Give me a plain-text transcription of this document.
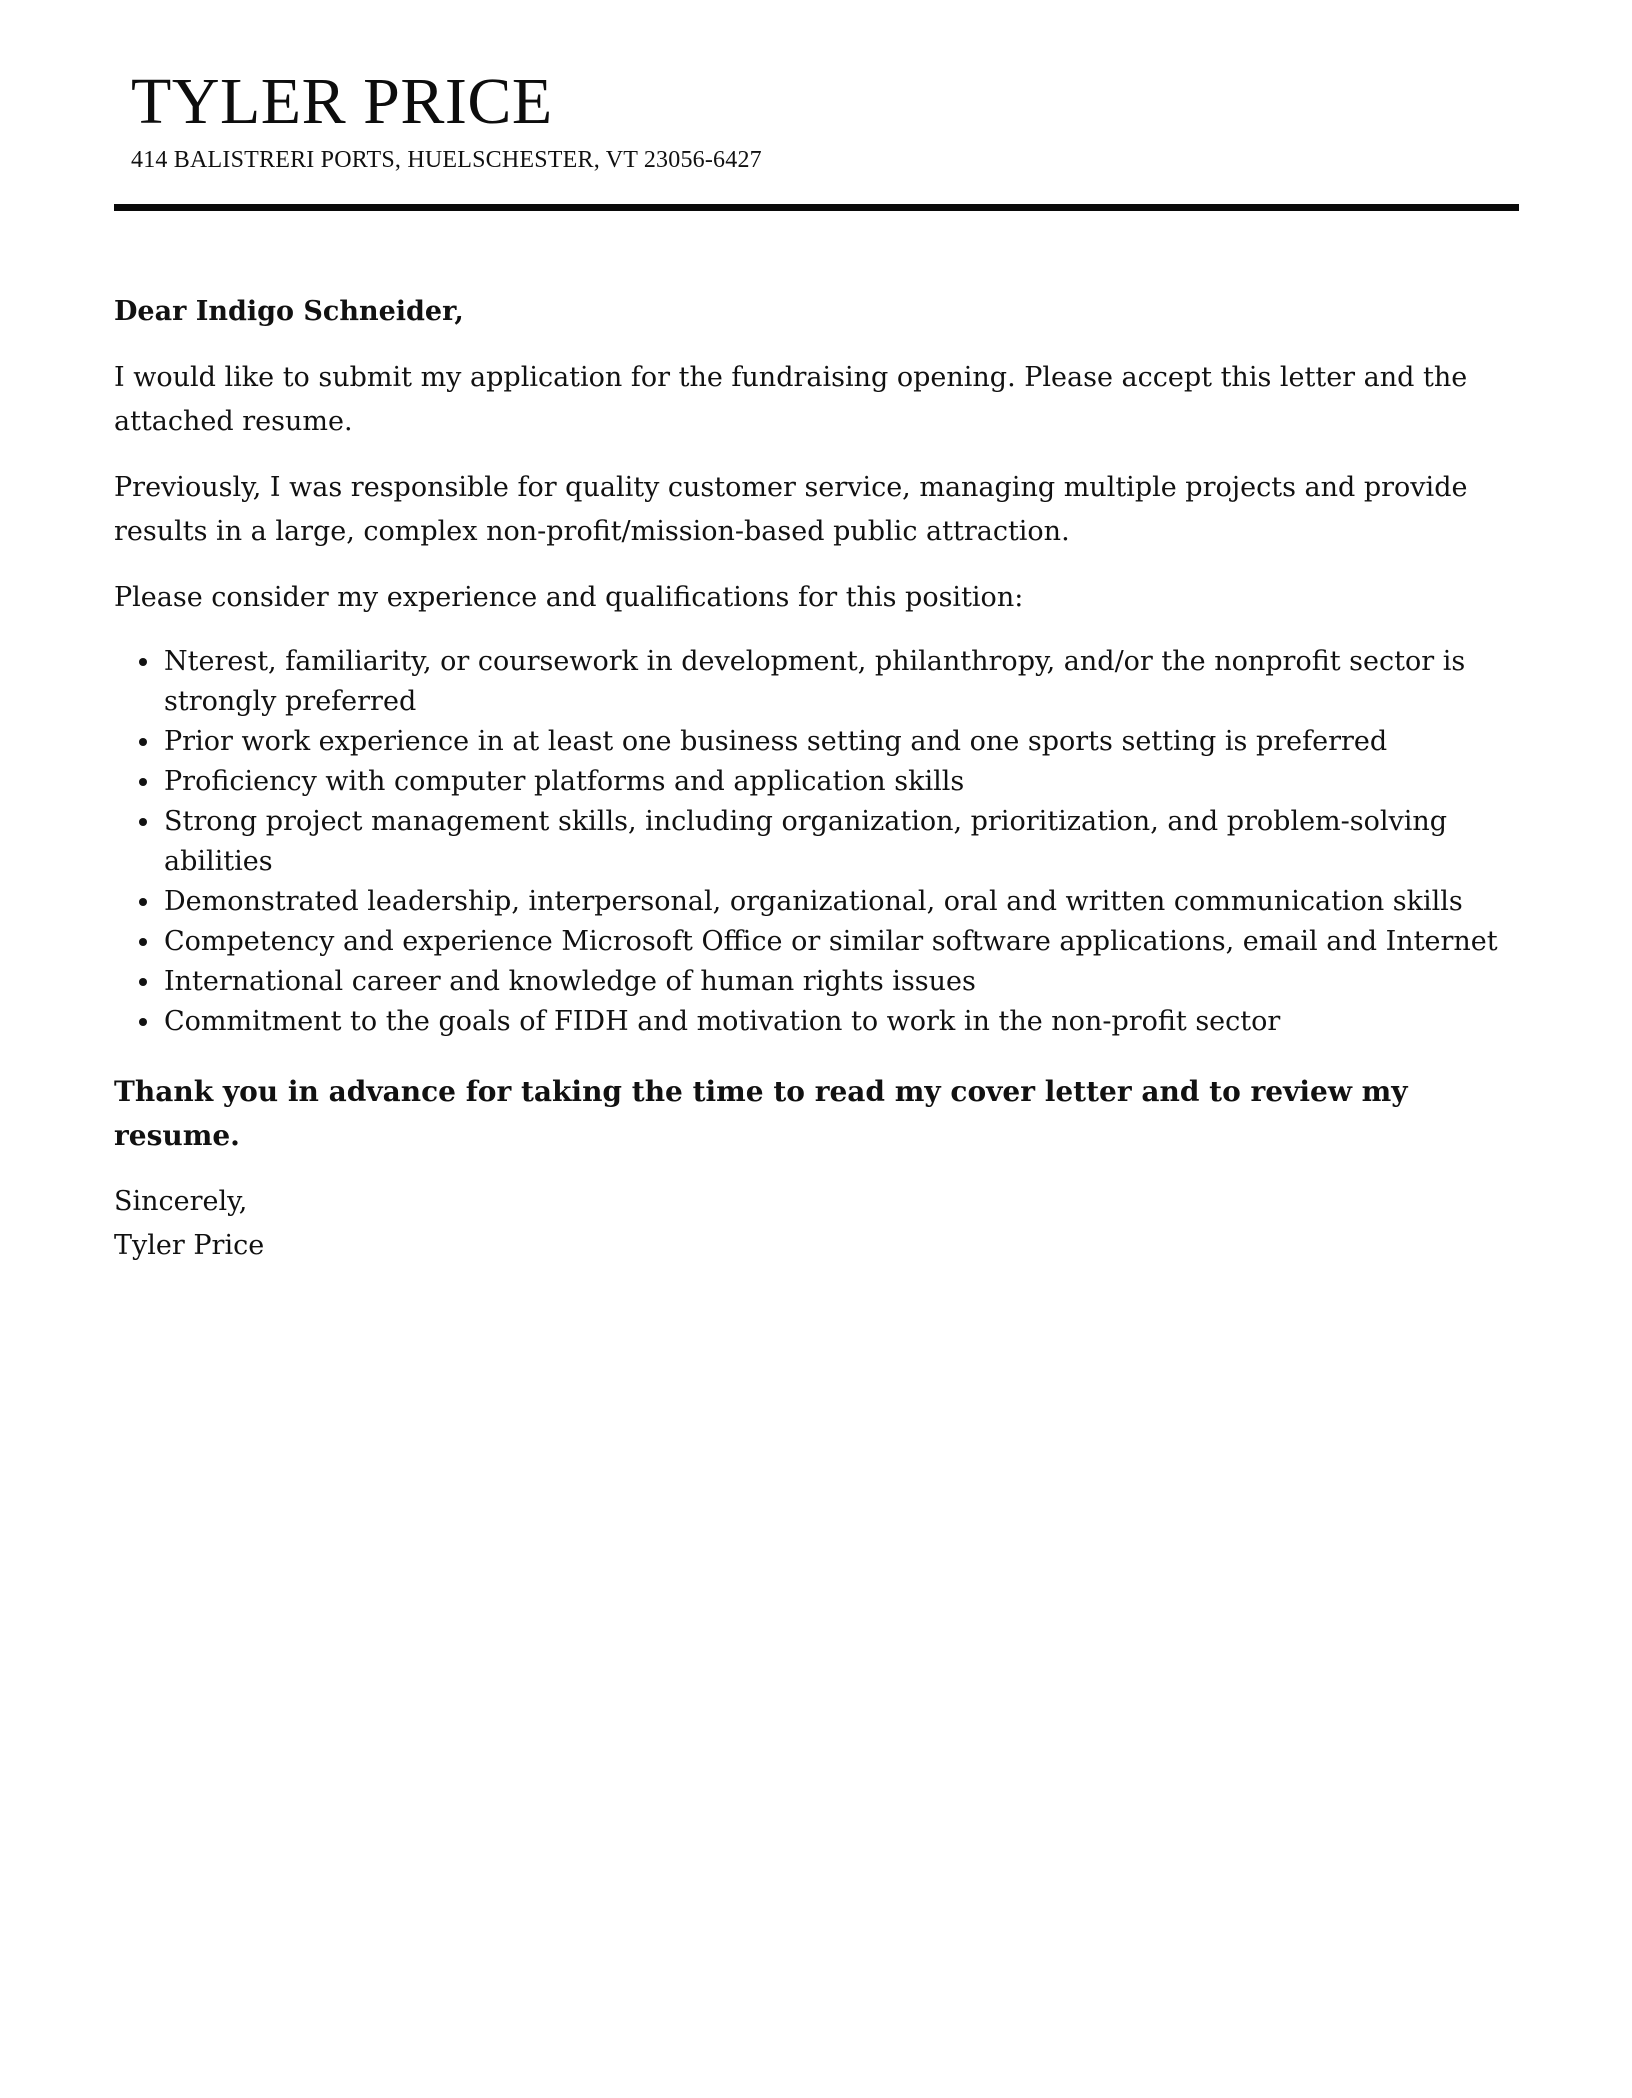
TYLER PRICE
414 BALISTRERI PORTS, HUELSCHESTER, VT 23056-6427

Dear Indigo Schneider,

I would like to submit my application for the fundraising opening. Please accept this letter and the attached resume.

Previously, I was responsible for quality customer service, managing multiple projects and provide results in a large, complex non-profit/mission-based public attraction.

Please consider my experience and qualifications for this position:

• Nterest, familiarity, or coursework in development, philanthropy, and/or the nonprofit sector is strongly preferred
• Prior work experience in at least one business setting and one sports setting is preferred
• Proficiency with computer platforms and application skills
• Strong project management skills, including organization, prioritization, and problem-solving abilities
• Demonstrated leadership, interpersonal, organizational, oral and written communication skills
• Competency and experience Microsoft Office or similar software applications, email and Internet
• International career and knowledge of human rights issues
• Commitment to the goals of FIDH and motivation to work in the non-profit sector

Thank you in advance for taking the time to read my cover letter and to review my resume.

Sincerely,
Tyler Price
